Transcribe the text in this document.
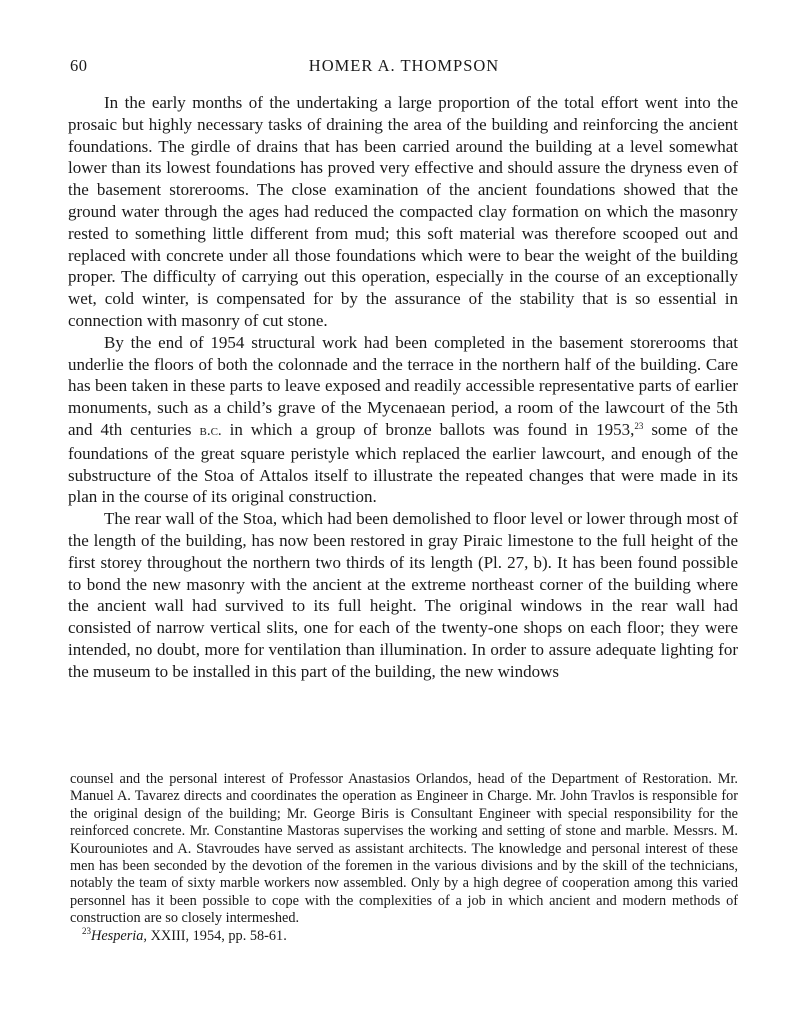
60	HOMER A. THOMPSON

In the early months of the undertaking a large proportion of the total effort went into the prosaic but highly necessary tasks of draining the area of the building and reinforcing the ancient foundations. The girdle of drains that has been carried around the building at a level somewhat lower than its lowest foundations has proved very effective and should assure the dryness even of the basement storerooms. The close examination of the ancient foundations showed that the ground water through the ages had reduced the compacted clay formation on which the masonry rested to something little different from mud; this soft material was therefore scooped out and replaced with concrete under all those foundations which were to bear the weight of the building proper. The difficulty of carrying out this operation, especially in the course of an exceptionally wet, cold winter, is compensated for by the assurance of the stability that is so essential in connection with masonry of cut stone.

By the end of 1954 structural work had been completed in the basement storerooms that underlie the floors of both the colonnade and the terrace in the northern half of the building. Care has been taken in these parts to leave exposed and readily accessible representative parts of earlier monuments, such as a child’s grave of the Mycenaean period, a room of the lawcourt of the 5th and 4th centuries b.c. in which a group of bronze ballots was found in 1953,23 some of the foundations of the great square peristyle which replaced the earlier lawcourt, and enough of the substructure of the Stoa of Attalos itself to illustrate the repeated changes that were made in its plan in the course of its original construction.

The rear wall of the Stoa, which had been demolished to floor level or lower through most of the length of the building, has now been restored in gray Piraic limestone to the full height of the first storey throughout the northern two thirds of its length (Pl. 27, b). It has been found possible to bond the new masonry with the ancient at the extreme northeast corner of the building where the ancient wall had survived to its full height. The original windows in the rear wall had consisted of narrow vertical slits, one for each of the twenty-one shops on each floor; they were intended, no doubt, more for ventilation than illumination. In order to assure adequate lighting for the museum to be installed in this part of the building, the new windows

counsel and the personal interest of Professor Anastasios Orlandos, head of the Department of Restoration. Mr. Manuel A. Tavarez directs and coordinates the operation as Engineer in Charge. Mr. John Travlos is responsible for the original design of the building; Mr. George Biris is Consultant Engineer with special responsibility for the reinforced concrete. Mr. Constantine Mastoras supervises the working and setting of stone and marble. Messrs. M. Kourouniotes and A. Stavroudes have served as assistant architects. The knowledge and personal interest of these men has been seconded by the devotion of the foremen in the various divisions and by the skill of the technicians, notably the team of sixty marble workers now assembled. Only by a high degree of cooperation among this varied personnel has it been possible to cope with the complexities of a job in which ancient and modern methods of construction are so closely intermeshed.

$^{23}$Hesperia, XXIII, 1954, pp. 58-61.
